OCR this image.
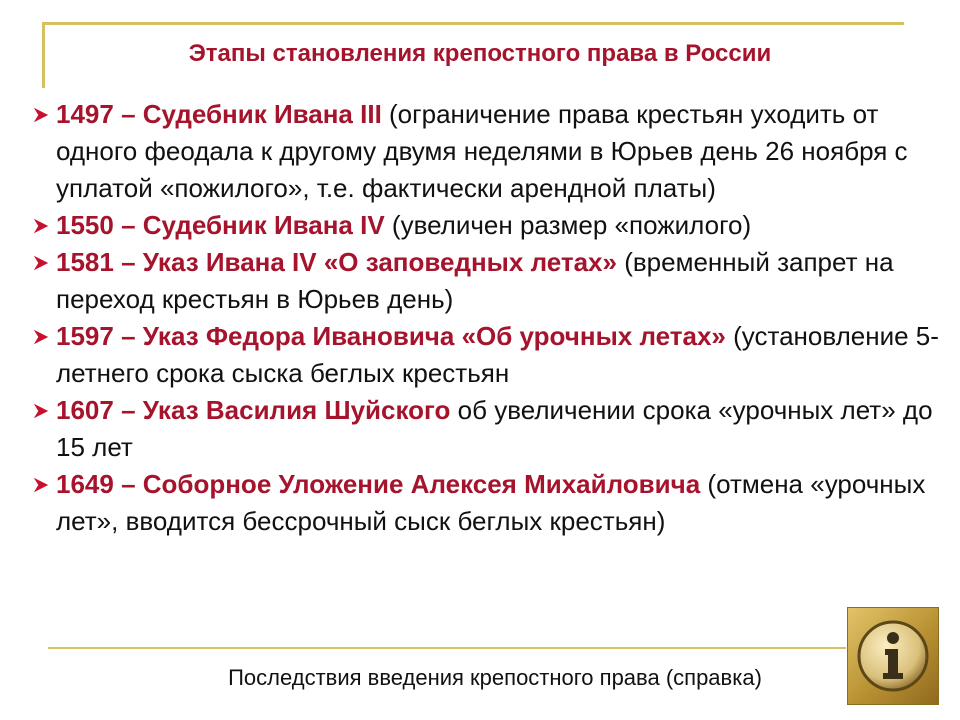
Этапы становления крепостного права в России
1497 – Судебник Ивана III (ограничение права крестьян уходить от одного феодала к другому двумя неделями в Юрьев день 26 ноября с уплатой «пожилого», т.е. фактически арендной платы)
1550 – Судебник Ивана IV (увеличен размер «пожилого)
1581 – Указ Ивана IV «О заповедных летах» (временный запрет на переход крестьян в Юрьев день)
1597 – Указ Федора Ивановича «Об урочных летах» (установление 5-летнего срока сыска беглых крестьян
1607 – Указ Василия Шуйского об увеличении срока «урочных лет» до 15 лет
1649 – Соборное Уложение Алексея Михайловича (отмена «урочных лет», вводится бессрочный сыск беглых крестьян)
Последствия введения крепостного права (справка)
